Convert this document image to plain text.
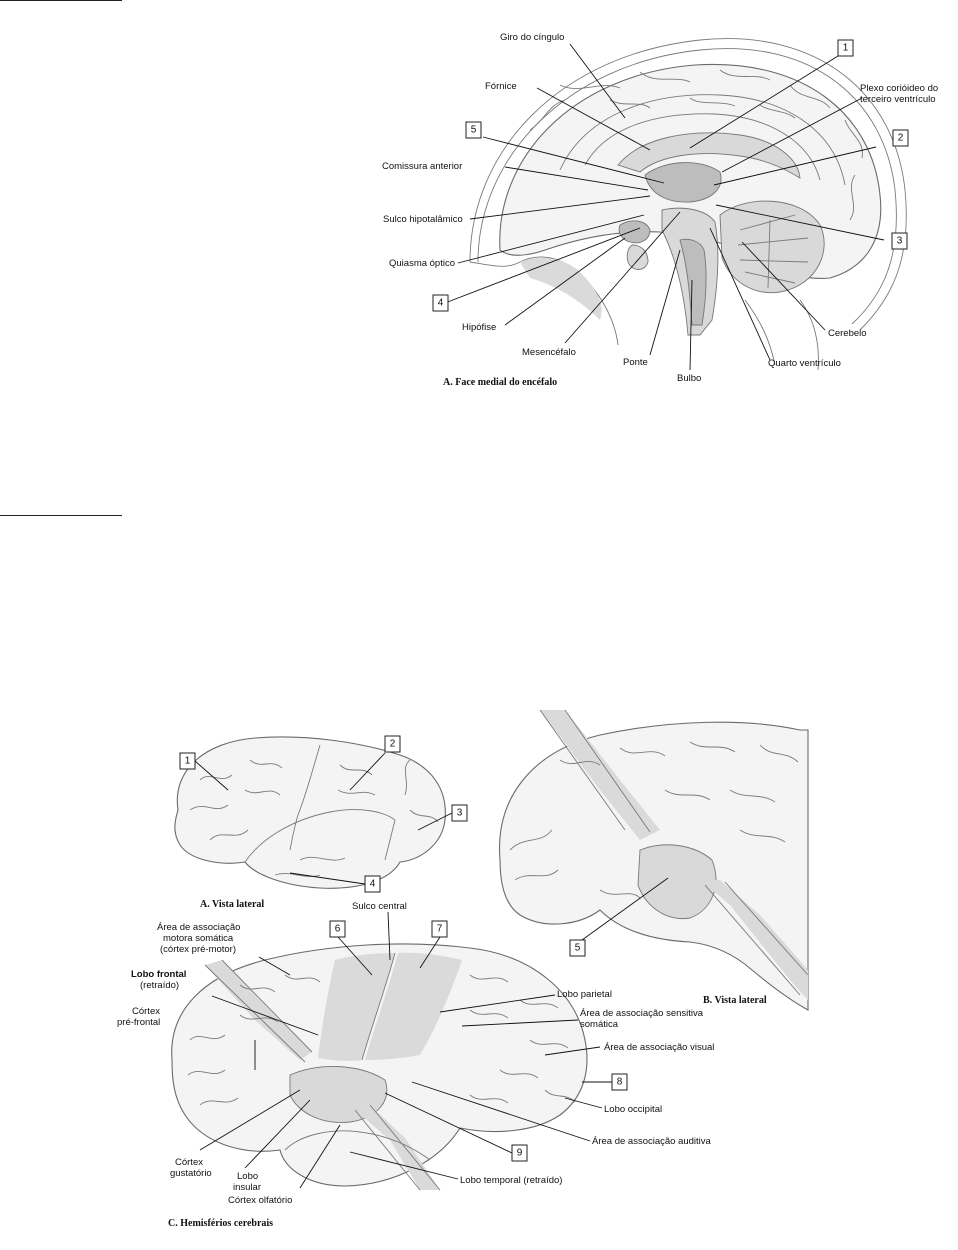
1
2
3
4
5
Giro do cíngulo
Fórnice	Plexo corióideo do
terceiro ventrículo
Comissura anterior
Sulco hipotalâmico
Quiasma óptico
Hipófise
Mesencéfalo
Ponte
Bulbo
Quarto ventrículo
Cerebelo
A. Face medial do encéfalo
1
2
3
4
A. Vista lateral
5
B. Vista lateral
6	7
8
9
Sulco central
Área de associação
motora somática
(córtex pré-motor)
Lobo frontal
(retraído)
Córtex
pré-frontal
Lobo parietal
Área de associação sensitiva
somática
Área de associação visual
Lobo occipital
Área de associação auditiva
Lobo temporal (retraído)
Córtex
gustatório	Lobo
insular
Córtex olfatório
C. Hemisférios cerebrais
